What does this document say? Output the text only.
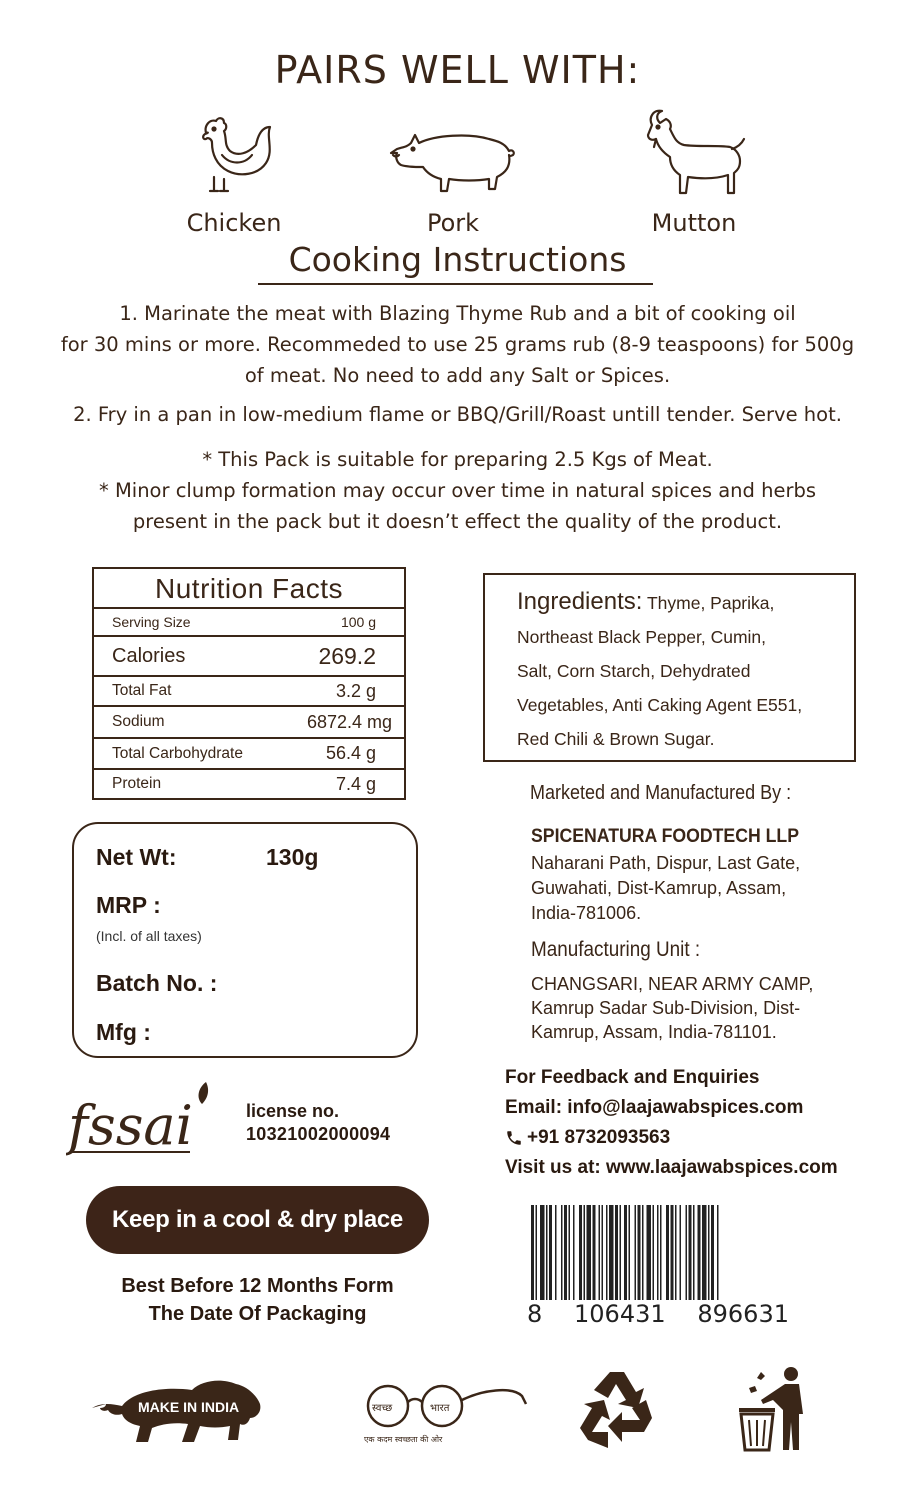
PAIRS WELL WITH:
Chicken	Pork	Mutton
Cooking Instructions
1. Marinate the meat with Blazing Thyme Rub and a bit of cooking oil
for 30 mins or more. Recommeded to use 25 grams rub (8-9 teaspoons) for 500g
of meat. No need to add any Salt or Spices.
2. Fry in a pan in low-medium flame or BBQ/Grill/Roast untill tender. Serve hot.
* This Pack is suitable for preparing 2.5 Kgs of Meat.
* Minor clump formation may occur over time in natural spices and herbs
present in the pack but it doesn’t effect the quality of the product.
Nutrition Facts
Serving Size	100 g
Calories	269.2
Total Fat	3.2 g
Sodium	6872.4 mg
Total Carbohydrate	56.4 g
Protein	7.4 g
Ingredients: Thyme, Paprika,
Northeast Black Pepper, Cumin,
Salt, Corn Starch, Dehydrated
Vegetables, Anti Caking Agent E551,
Red Chili & Brown Sugar.
Marketed and Manufactured By :
SPICENATURA FOODTECH LLP
Naharani Path, Dispur, Last Gate,
Guwahati, Dist-Kamrup, Assam,
India-781006.
Manufacturing Unit :
CHANGSARI, NEAR ARMY CAMP,
Kamrup Sadar Sub-Division, Dist-
Kamrup, Assam, India-781101.
Net Wt:	130g
MRP :
(Incl. of all taxes)
Batch No. :
Mfg :
fssai	license no.
10321002000094
For Feedback and Enquiries
Email: info@laajawabspices.com
+91 8732093563
Visit us at: www.laajawabspices.com
Keep in a cool & dry place
Best Before 12 Months Form
The Date Of Packaging	8 106431 896631
MAKE IN INDIA	स्वच्छ	भारत
एक कदम स्वच्छता की ओर
